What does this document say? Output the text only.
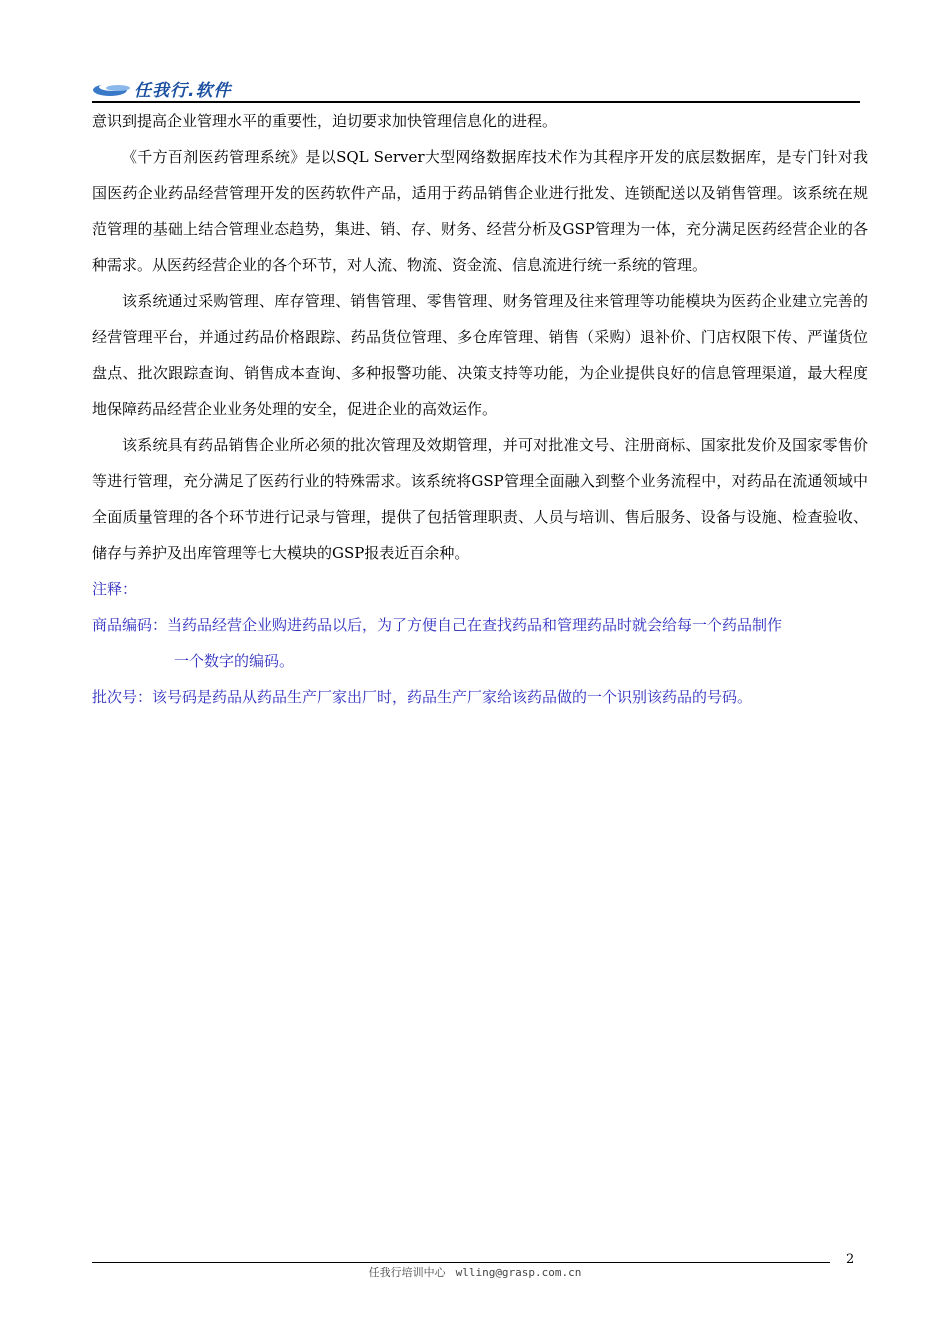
任我行.软件

意识到提高企业管理水平的重要性，迫切要求加快管理信息化的进程。

《千方百剂医药管理系统》是以SQL Server大型网络数据库技术作为其程序开发的底层数据库，是专门针对我国医药企业药品经营管理开发的医药软件产品，适用于药品销售企业进行批发、连锁配送以及销售管理。该系统在规范管理的基础上结合管理业态趋势，集进、销、存、财务、经营分析及GSP管理为一体，充分满足医药经营企业的各种需求。从医药经营企业的各个环节，对人流、物流、资金流、信息流进行统一系统的管理。

该系统通过采购管理、库存管理、销售管理、零售管理、财务管理及往来管理等功能模块为医药企业建立完善的经营管理平台，并通过药品价格跟踪、药品货位管理、多仓库管理、销售（采购）退补价、门店权限下传、严谨货位盘点、批次跟踪查询、销售成本查询、多种报警功能、决策支持等功能，为企业提供良好的信息管理渠道，最大程度地保障药品经营企业业务处理的安全，促进企业的高效运作。

该系统具有药品销售企业所必须的批次管理及效期管理，并可对批准文号、注册商标、国家批发价及国家零售价等进行管理，充分满足了医药行业的特殊需求。该系统将GSP管理全面融入到整个业务流程中，对药品在流通领域中全面质量管理的各个环节进行记录与管理，提供了包括管理职责、人员与培训、售后服务、设备与设施、检查验收、储存与养护及出库管理等七大模块的GSP报表近百余种。

注释：

商品编码：当药品经营企业购进药品以后，为了方便自己在查找药品和管理药品时就会给每一个药品制作
一个数字的编码。

批次号：该号码是药品从药品生产厂家出厂时，药品生产厂家给该药品做的一个识别该药品的号码。

2
任我行培训中心 wlling@grasp.com.cn
